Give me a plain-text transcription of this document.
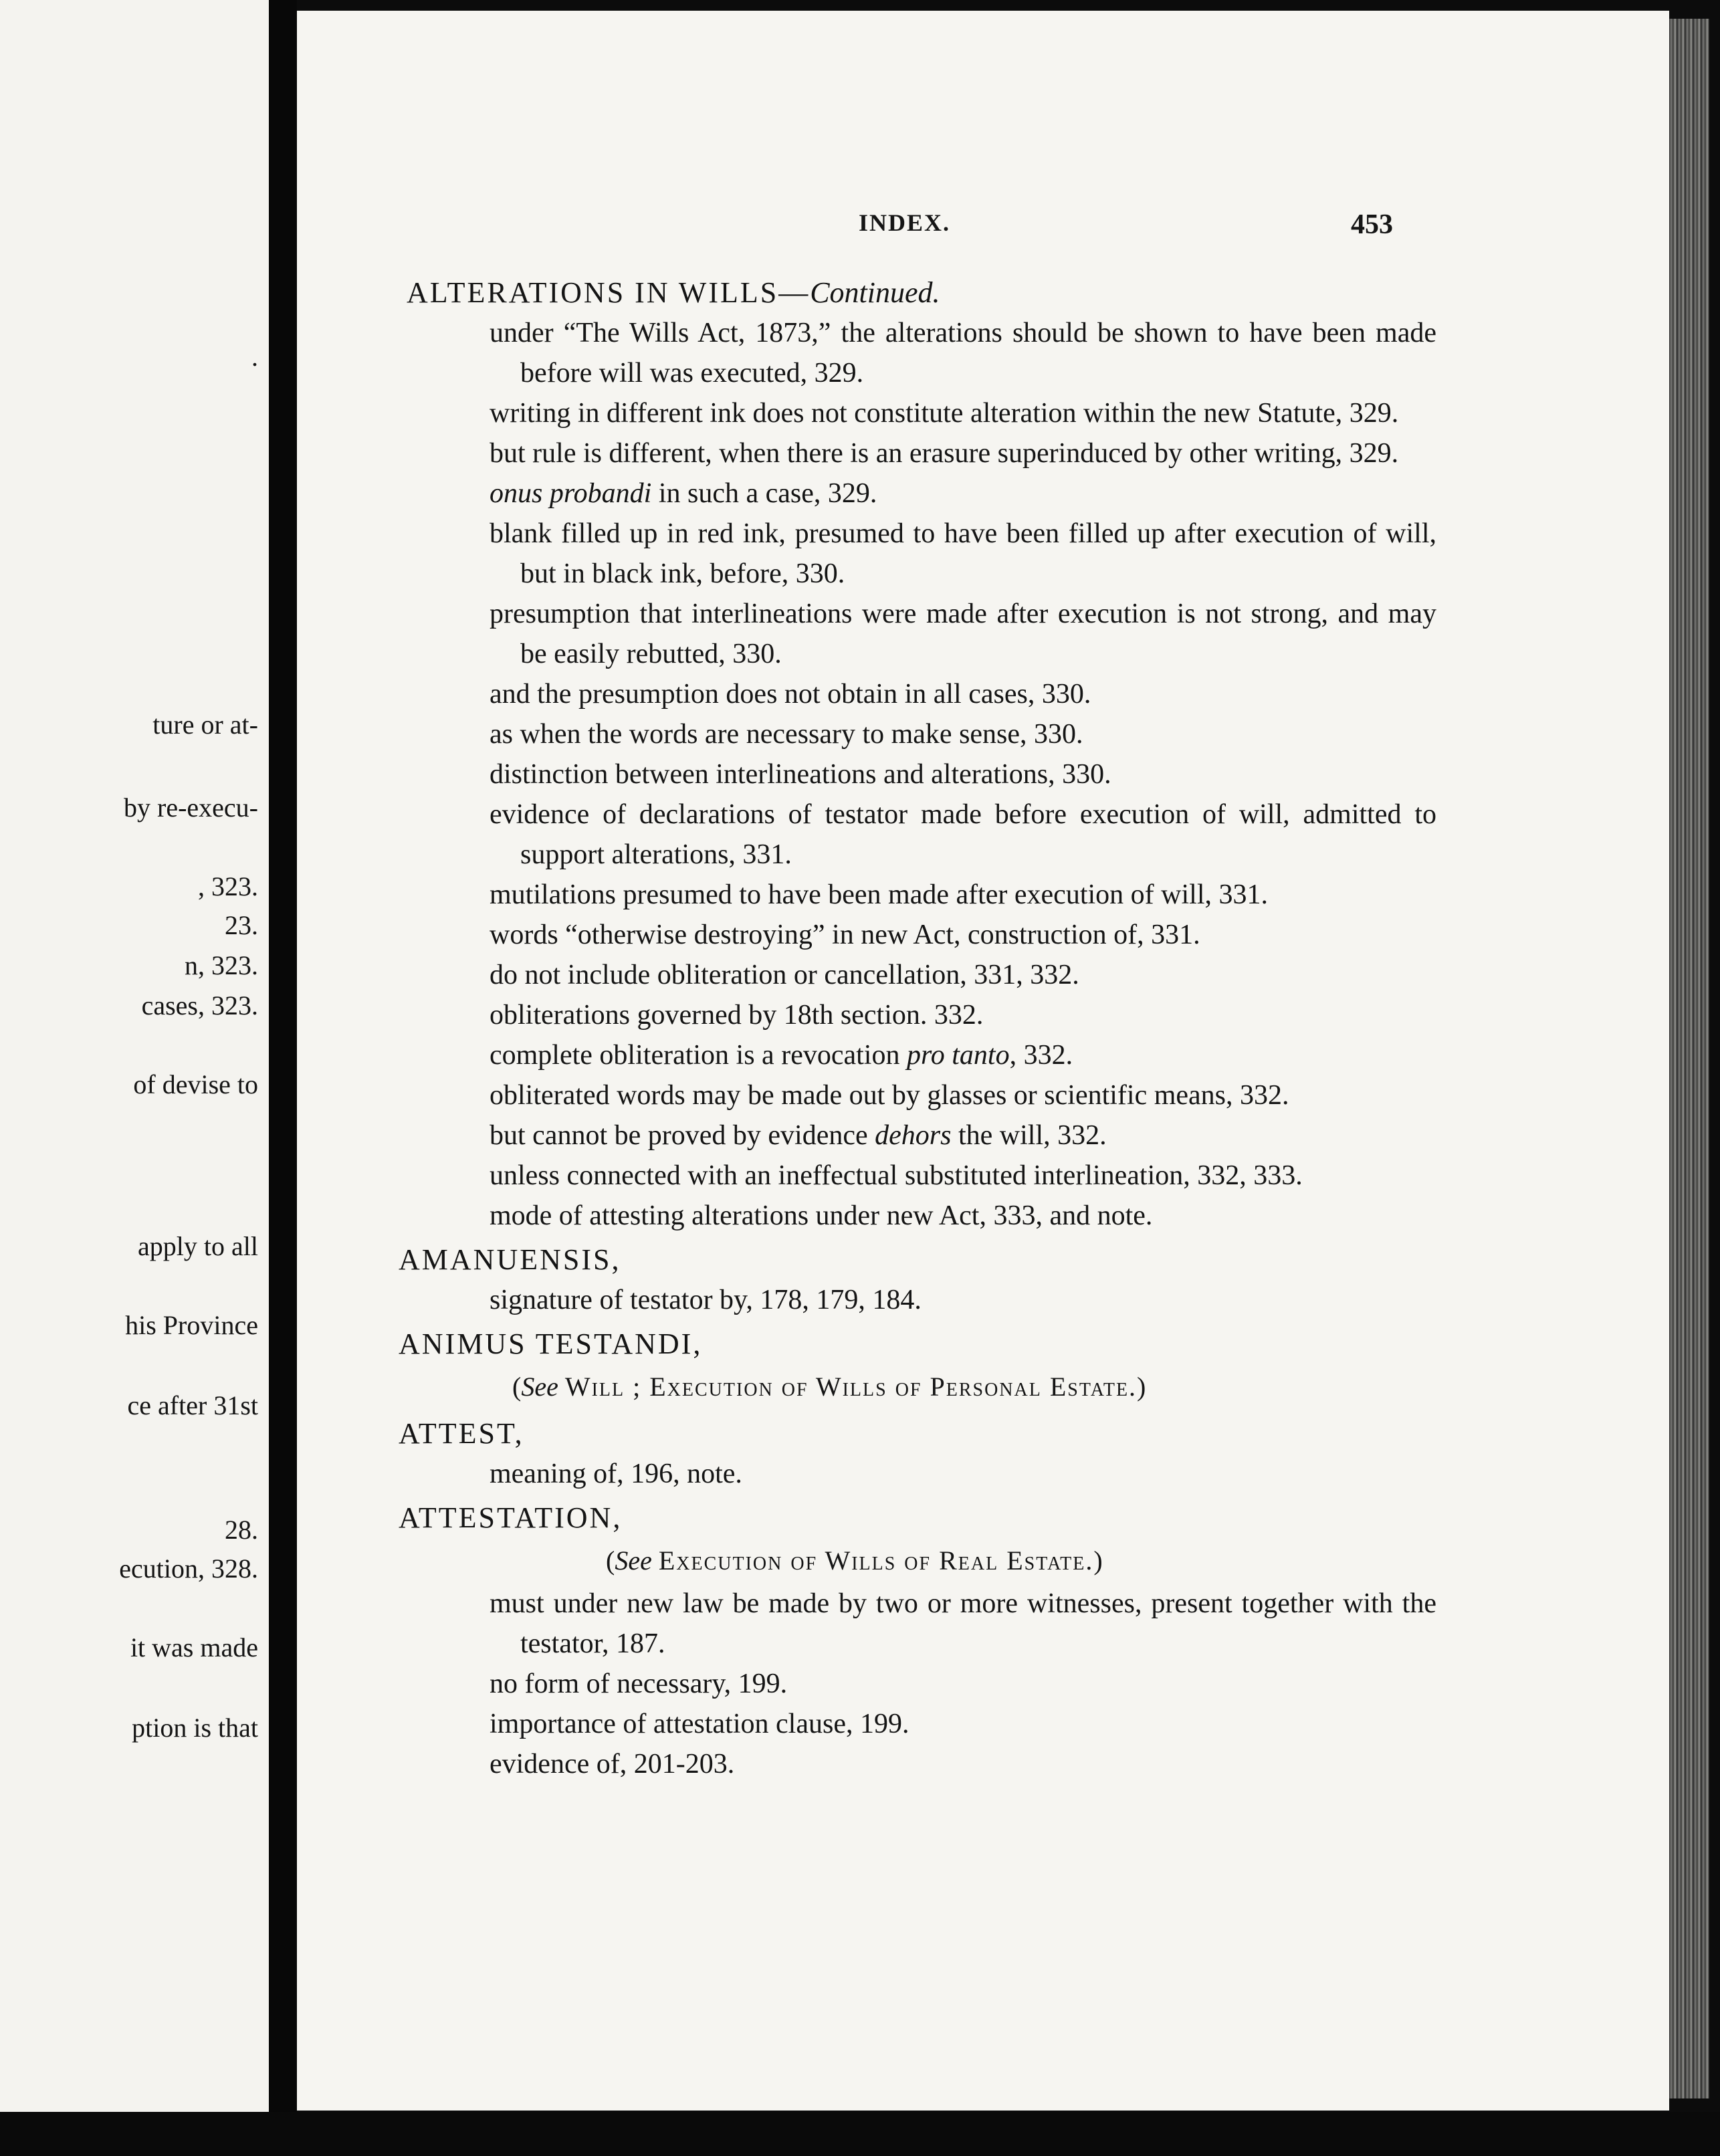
.
ture or at-
by re-execu-
, 323.
23.
n, 323.
cases, 323.
of devise to
apply to all
his Province
ce after 31st
28.
ecution, 328.
it was made
ption is that
INDEX.	453

ALTERATIONS IN WILLS—Continued.

under “The Wills Act, 1873,” the alterations should be shown to have been made before will was executed, 329.

writing in different ink does not constitute alteration within the new Statute, 329.

but rule is different, when there is an erasure superinduced by other writing, 329.

onus probandi in such a case, 329.

blank filled up in red ink, presumed to have been filled up after execution of will, but in black ink, before, 330.

presumption that interlineations were made after execution is not strong, and may be easily rebutted, 330.

and the presumption does not obtain in all cases, 330.

as when the words are necessary to make sense, 330.

distinction between interlineations and alterations, 330.

evidence of declarations of testator made before execution of will, admitted to support alterations, 331.

mutilations presumed to have been made after execution of will, 331.

words “otherwise destroying” in new Act, construction of, 331.

do not include obliteration or cancellation, 331, 332.

obliterations governed by 18th section. 332.

complete obliteration is a revocation pro tanto, 332.

obliterated words may be made out by glasses or scientific means, 332.

but cannot be proved by evidence dehors the will, 332.

unless connected with an ineffectual substituted interlineation, 332, 333.

mode of attesting alterations under new Act, 333, and note.

AMANUENSIS,

signature of testator by, 178, 179, 184.

ANIMUS TESTANDI,

(See Will ; Execution of Wills of Personal Estate.)

ATTEST,

meaning of, 196, note.

ATTESTATION,

(See Execution of Wills of Real Estate.)

must under new law be made by two or more witnesses, present together with the testator, 187.

no form of necessary, 199.

importance of attestation clause, 199.

evidence of, 201-203.
